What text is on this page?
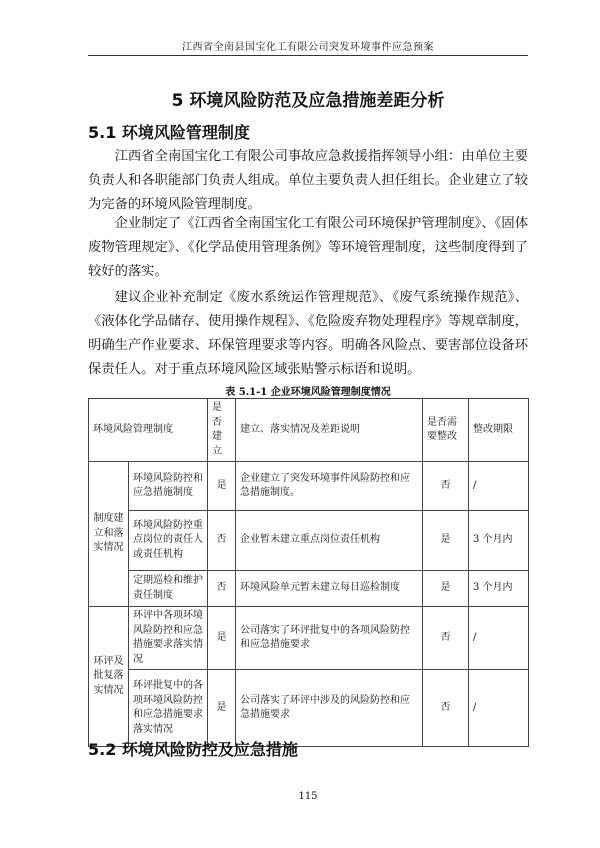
江西省全南县国宝化工有限公司突发环境事件应急预案
5 环境风险防范及应急措施差距分析
5.1 环境风险管理制度

江西省全南国宝化工有限公司事故应急救援指挥领导小组：由单位主要负责人和各职能部门负责人组成。单位主要负责人担任组长。企业建立了较为完备的环境风险管理制度。

企业制定了《江西省全南国宝化工有限公司环境保护管理制度》、《固体废物管理规定》、《化学品使用管理条例》等环境管理制度，这些制度得到了较好的落实。

建议企业补充制定《废水系统运作管理规范》、《废气系统操作规范》、《液体化学品储存、使用操作规程》、《危险废弃物处理程序》等规章制度，明确生产作业要求、环保管理要求等内容。明确各风险点、要害部位设备环保责任人。对于重点环境风险区域张贴警示标语和说明。

表 5.1-1 企业环境风险管理制度情况
环境风险管理制度		是否建立	建立、落实情况及差距说明	是否需要整改	整改期限
制度建立和落实情况	环境风险防控和应急措施制度	是	企业建立了突发环境事件风险防控和应急措施制度。	否	/
	环境风险防控重点岗位的责任人或责任机构	否	企业暂未建立重点岗位责任机构	是	3 个月内
	定期巡检和维护责任制度	否	环境风险单元暂未建立每日巡检制度	是	3 个月内
环评及批复落实情况	环评中各项环境风险防控和应急措施要求落实情况	是	公司落实了环评批复中的各项风险防控和应急措施要求	否	/
	环评批复中的各项环境风险防控和应急措施要求落实情况	是	公司落实了环评中涉及的风险防控和应急措施要求	否	/
5.2 环境风险防控及应急措施
115
